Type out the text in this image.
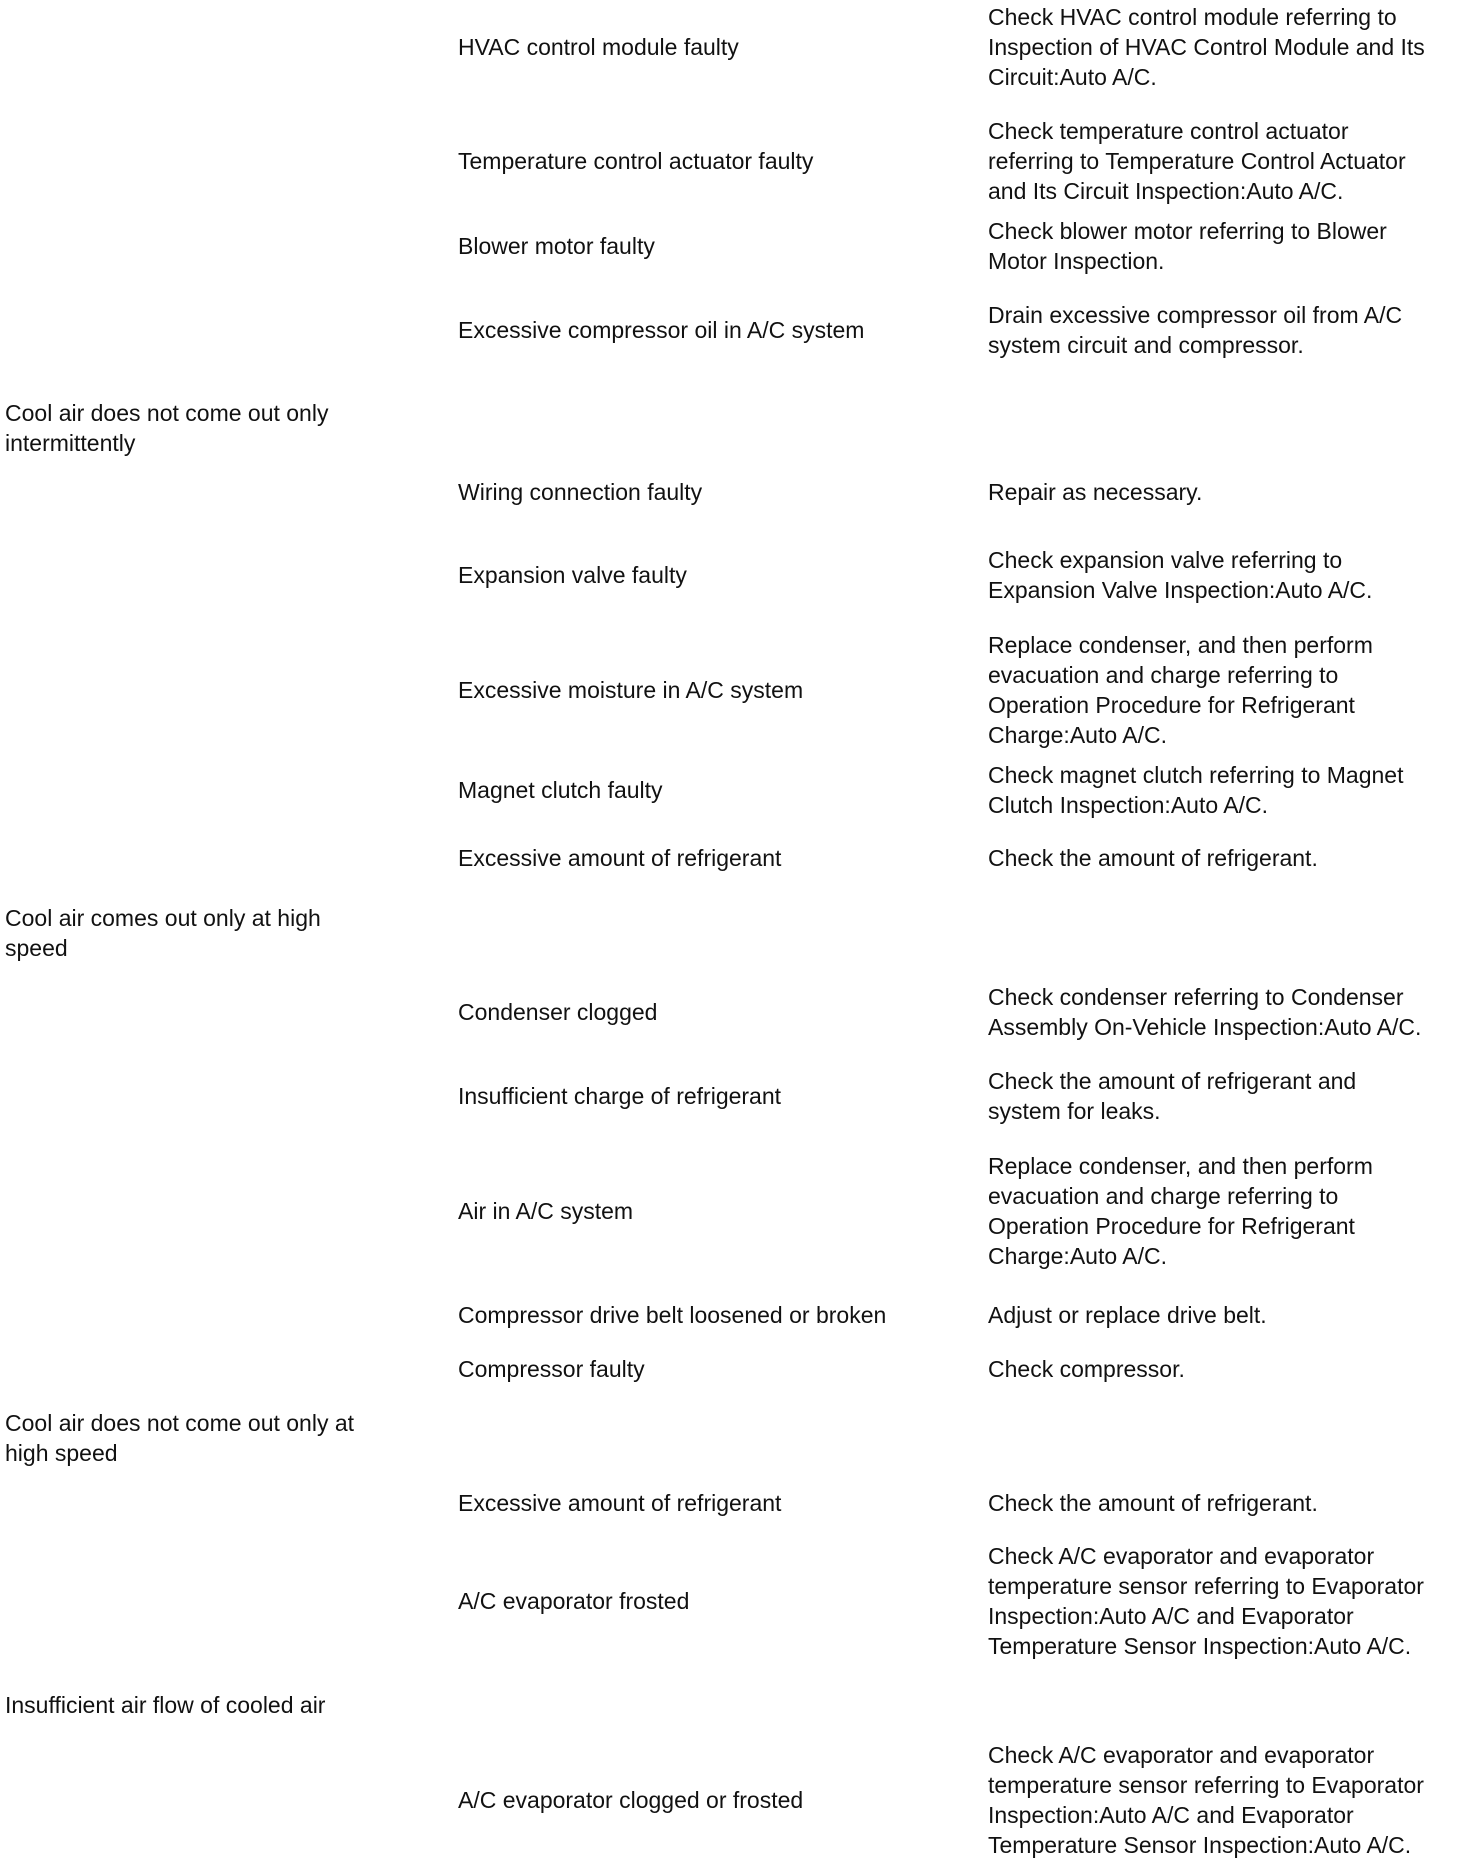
Check HVAC control module referring to
Inspection of HVAC Control Module and Its
Circuit:Auto A/C.
HVAC control module faulty
Check temperature control actuator
referring to Temperature Control Actuator
and Its Circuit Inspection:Auto A/C.
Temperature control actuator faulty
Check blower motor referring to Blower
Motor Inspection.
Blower motor faulty
Drain excessive compressor oil from A/C
system circuit and compressor.
Excessive compressor oil in A/C system
Cool air does not come out only
intermittently
Repair as necessary.
Wiring connection faulty
Check expansion valve referring to
Expansion Valve Inspection:Auto A/C.
Expansion valve faulty
Replace condenser, and then perform
evacuation and charge referring to
Operation Procedure for Refrigerant
Charge:Auto A/C.
Excessive moisture in A/C system
Check magnet clutch referring to Magnet
Clutch Inspection:Auto A/C.
Magnet clutch faulty
Check the amount of refrigerant.
Excessive amount of refrigerant
Cool air comes out only at high
speed
Check condenser referring to Condenser
Assembly On-Vehicle Inspection:Auto A/C.
Condenser clogged
Check the amount of refrigerant and
system for leaks.
Insufficient charge of refrigerant
Replace condenser, and then perform
evacuation and charge referring to
Operation Procedure for Refrigerant
Charge:Auto A/C.
Air in A/C system
Adjust or replace drive belt.
Compressor drive belt loosened or broken
Check compressor.
Compressor faulty
Cool air does not come out only at
high speed
Check the amount of refrigerant.
Excessive amount of refrigerant
Check A/C evaporator and evaporator
temperature sensor referring to Evaporator
Inspection:Auto A/C and Evaporator
Temperature Sensor Inspection:Auto A/C.
A/C evaporator frosted
Insufficient air flow of cooled air
Check A/C evaporator and evaporator
temperature sensor referring to Evaporator
Inspection:Auto A/C and Evaporator
Temperature Sensor Inspection:Auto A/C.
A/C evaporator clogged or frosted
